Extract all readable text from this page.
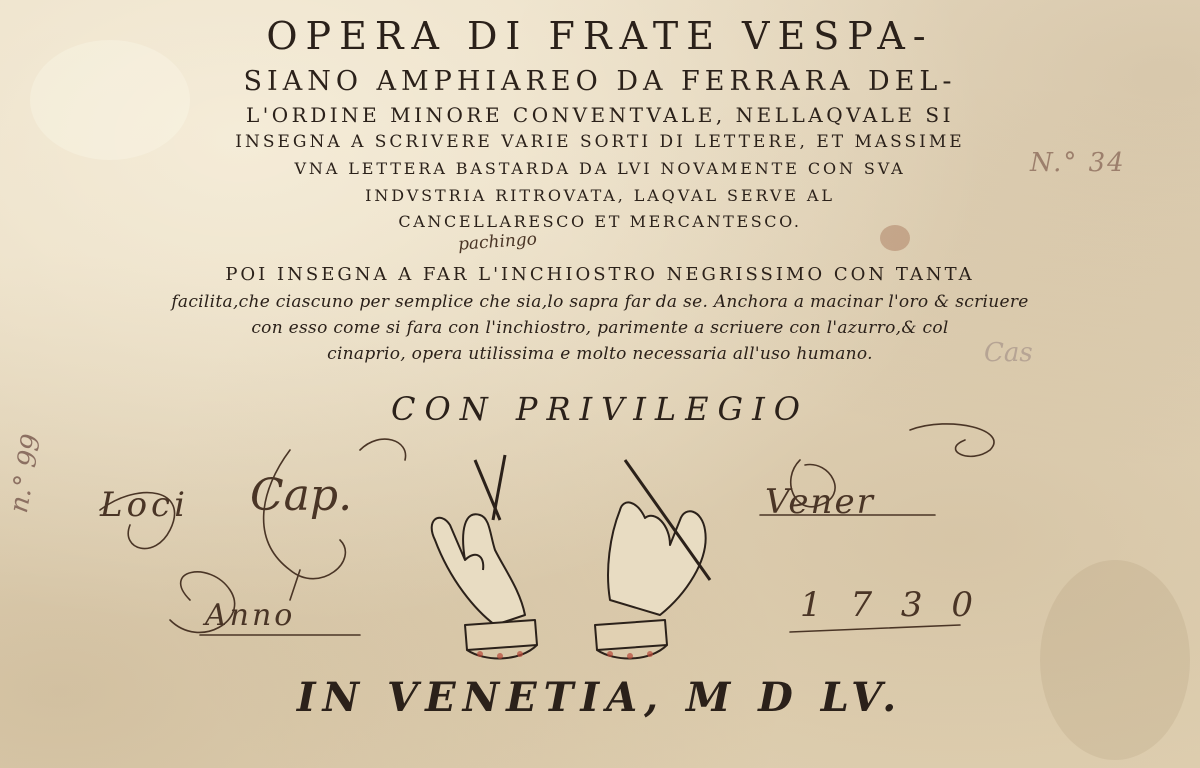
OPERA DI FRATE VESPA-
SIANO AMPHIAREO DA FERRARA DEL-
L'ORDINE MINORE CONVENTVALE, NELLAQVALE SI
INSEGNA A SCRIVERE VARIE SORTI DI LETTERE, ET MASSIME
VNA LETTERA BASTARDA DA LVI NOVAMENTE CON SVA
INDVSTRIA RITROVATA, LAQVAL SERVE AL
CANCELLARESCO ET MERCANTESCO.
pachingo
N.° 34
POI INSEGNA A FAR L'INCHIOSTRO NEGRISSIMO CON TANTA
facilita,che ciascuno per semplice che sia,lo sapra far da se. Anchora a macinar l'oro & scriuere
con esso come si fara con l'inchiostro, parimente a scriuere con l'azurro,& col
cinaprio, opera utilissima e molto necessaria all'uso humano.	Cas
CON PRIVILEGIO
Loci Cap.
Anno
Vener
1 7 3 0
n.° 99
IN VENETIA, M D LV.
